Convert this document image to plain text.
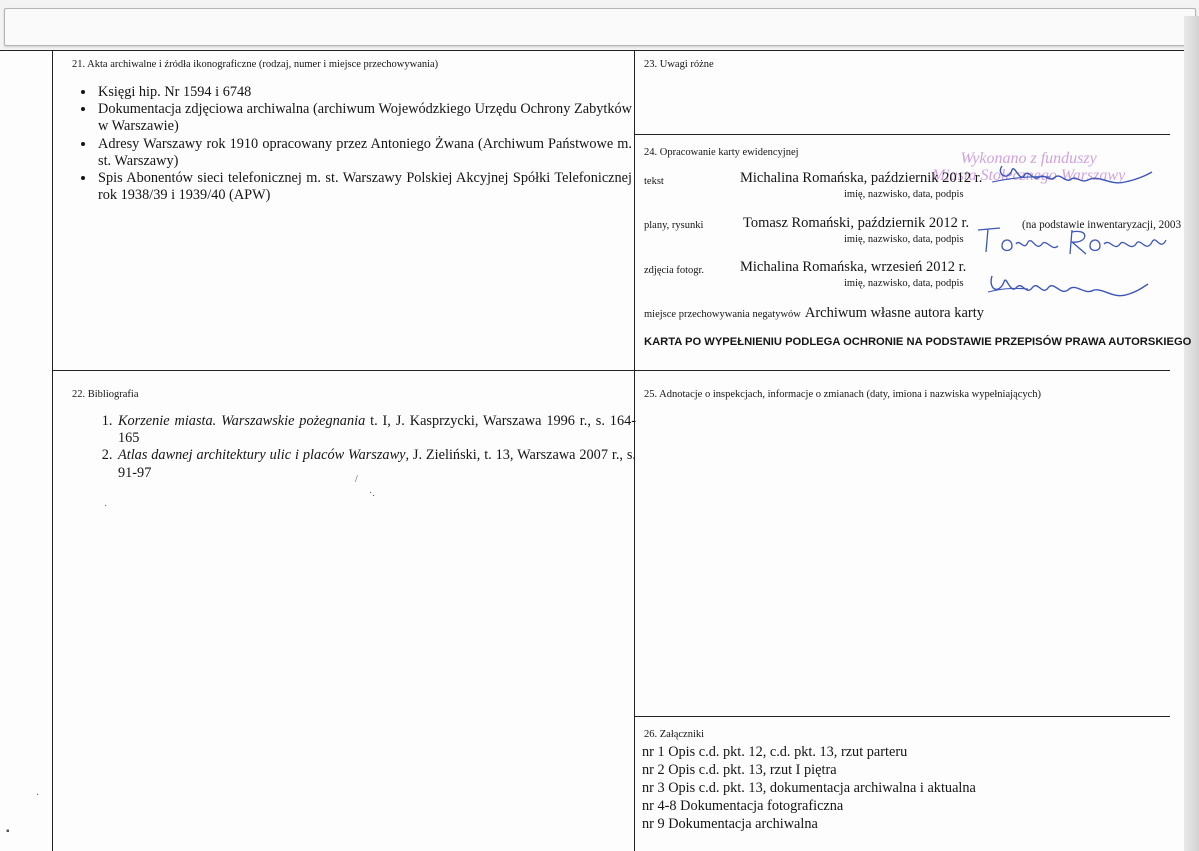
21. Akta archiwalne i źródła ikonograficzne (rodzaj, numer i miejsce przechowywania)
• Księgi hip. Nr 1594 i 6748
• Dokumentacja zdjęciowa archiwalna (archiwum Wojewódzkiego Urzędu Ochrony Zabytków w Warszawie)
• Adresy Warszawy rok 1910 opracowany przez Antoniego Żwana (Archiwum Państwowe m. st. Warszawy)
• Spis Abonentów sieci telefonicznej m. st. Warszawy Polskiej Akcyjnej Spółki Telefonicznej rok 1938/39 i 1939/40 (APW)
22. Bibliografia
1. Korzenie miasta. Warszawskie pożegnania t. I, J. Kasprzycki, Warszawa 1996 r., s. 164-165
2. Atlas dawnej architektury ulic i placów Warszawy, J. Zieliński, t. 13, Warszawa 2007 r., s. 91-97
23. Uwagi różne
24. Opracowanie karty ewidencyjnej	Wykonano z funduszy
Miasta Stołecznego Warszawy
tekst	Michalina Romańska, październik 2012 r.
imię, nazwisko, data, podpis
plany, rysunki	Tomasz Romański, październik 2012 r.	(na podstawie inwentaryzacji, 2003
imię, nazwisko, data, podpis
zdjęcia fotogr. Michalina Romańska, wrzesień 2012 r.
imię, nazwisko, data, podpis
miejsce przechowywania negatywów Archiwum własne autora karty
KARTA PO WYPEŁNIENIU PODLEGA OCHRONIE NA PODSTAWIE PRZEPISÓW PRAWA AUTORSKIEGO
25. Adnotacje o inspekcjach, informacje o zmianach (daty, imiona i nazwiska wypełniających)
26. Załączniki
nr 1 Opis c.d. pkt. 12, c.d. pkt. 13, rzut parteru
nr 2 Opis c.d. pkt. 13, rzut I piętra
nr 3 Opis c.d. pkt. 13, dokumentacja archiwalna i aktualna
nr 4-8 Dokumentacja fotograficzna
nr 9 Dokumentacja archiwalna
/
·.
·
·
▪
